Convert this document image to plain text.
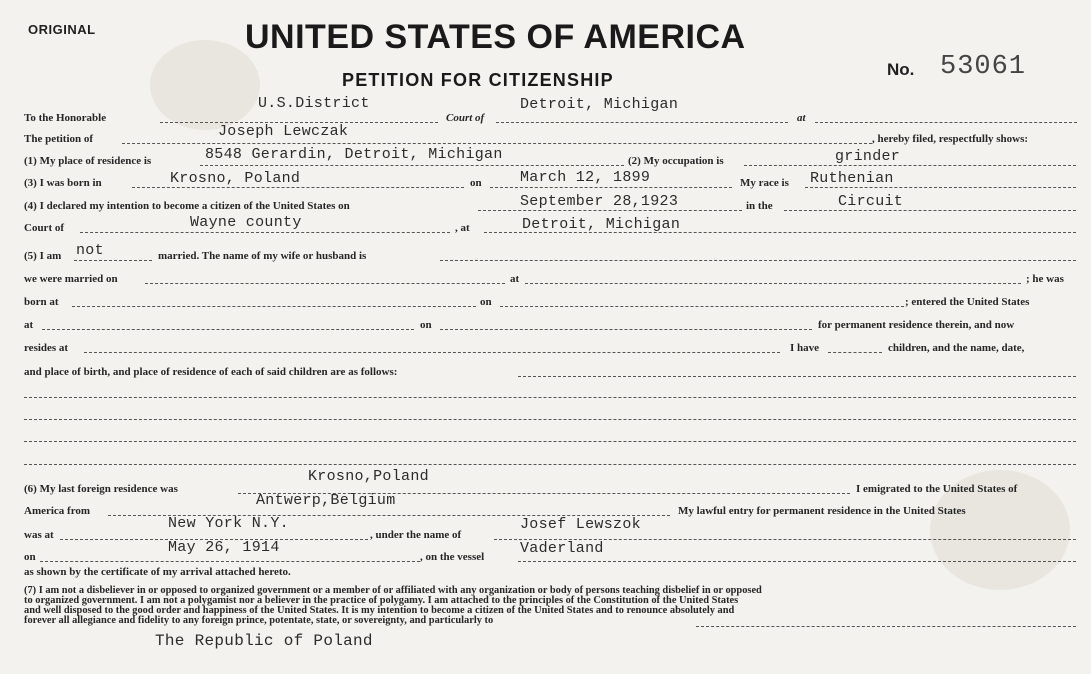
ORIGINAL	UNITED STATES OF AMERICA
PETITION FOR CITIZENSHIP
No. 53061
To the Honorable
U.S.District
Court of
Detroit, Michigan
at
The petition of	Joseph Lewczak	, hereby filed, respectfully shows:
(1) My place of residence is	8548 Gerardin, Detroit, Michigan	(2) My occupation is	grinder
(3) I was born in	Krosno, Poland	on	March 12, 1899	My race is Ruthenian
(4) I declared my intention to become a citizen of the United States on	September 28,1923	in the	Circuit
Court of	Wayne county	, at	Detroit, Michigan
(5) I am not	married. The name of my wife or husband is
we were married on	at	; he was
born at	on	; entered the United States
at	on	for permanent residence therein, and now
resides at	I have	children, and the name, date,
and place of birth, and place of residence of each of said children are as follows:
(6) My last foreign residence was
Krosno,Poland
I emigrated to the United States of
America from
Antwerp,Belgium
My lawful entry for permanent residence in the United States
was at
New York N.Y.
, under the name of
Josef Lewszok
on
May 26, 1914
, on the vessel Vaderland
as shown by the certificate of my arrival attached hereto.
(7) I am not a disbeliever in or opposed to organized government or a member of or affiliated with any organization or body of persons teaching disbelief in or opposed
to organized government. I am not a polygamist nor a believer in the practice of polygamy. I am attached to the principles of the Constitution of the United States
and well disposed to the good order and happiness of the United States. It is my intention to become a citizen of the United States and to renounce absolutely and
forever all allegiance and fidelity to any foreign prince, potentate, state, or sovereignty, and particularly to
The Republic of Poland
